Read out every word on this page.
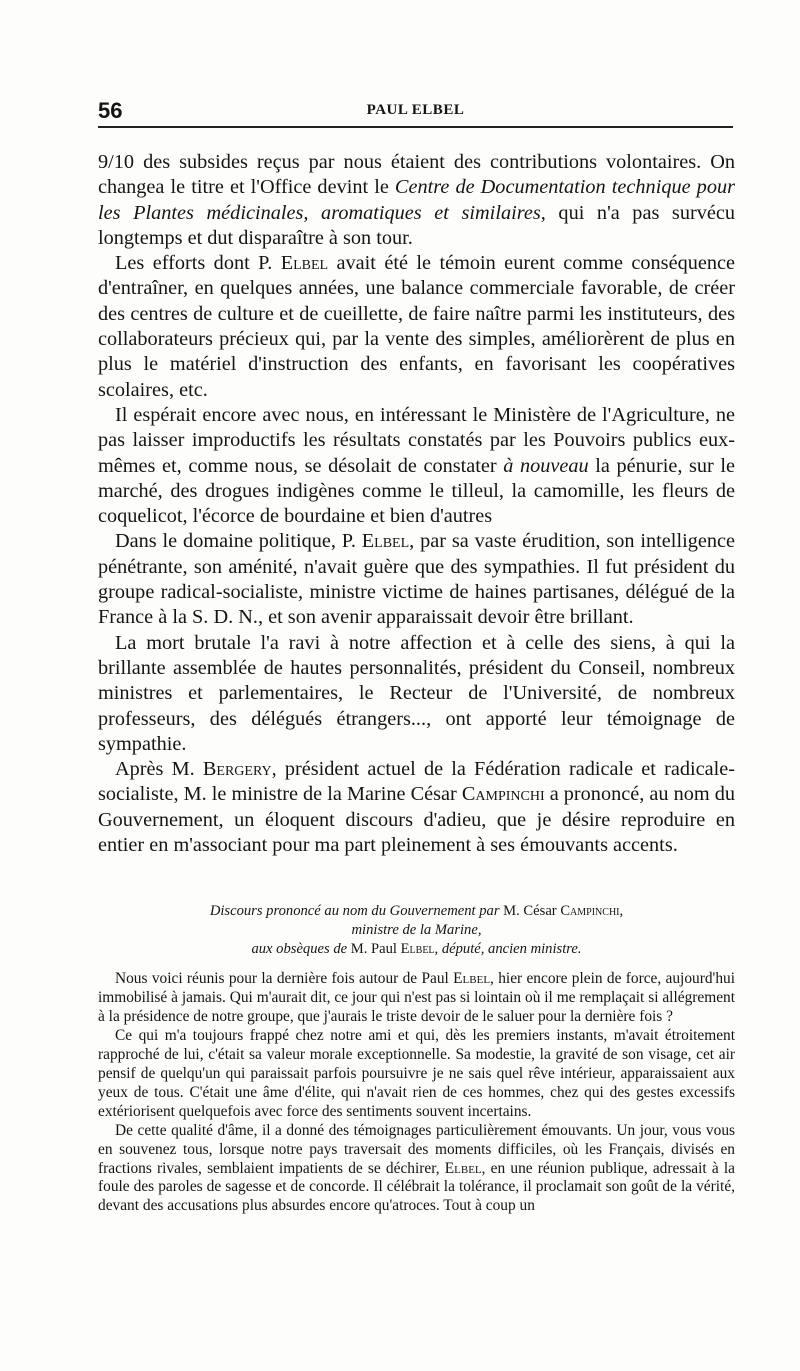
56	PAUL ELBEL

9/10 des subsides reçus par nous étaient des contributions volontaires. On changea le titre et l'Office devint le Centre de Documentation technique pour les Plantes médicinales, aromatiques et similaires, qui n'a pas survécu longtemps et dut disparaître à son tour.

Les efforts dont P. Elbel avait été le témoin eurent comme conséquence d'entraîner, en quelques années, une balance commerciale favorable, de créer des centres de culture et de cueillette, de faire naître parmi les instituteurs, des collaborateurs précieux qui, par la vente des simples, améliorèrent de plus en plus le matériel d'instruction des enfants, en favorisant les coopératives scolaires, etc.

Il espérait encore avec nous, en intéressant le Ministère de l'Agriculture, ne pas laisser improductifs les résultats constatés par les Pouvoirs publics eux-mêmes et, comme nous, se désolait de constater à nouveau la pénurie, sur le marché, des drogues indigènes comme le tilleul, la camomille, les fleurs de coquelicot, l'écorce de bourdaine et bien d'autres

Dans le domaine politique, P. Elbel, par sa vaste érudition, son intelligence pénétrante, son aménité, n'avait guère que des sympathies. Il fut président du groupe radical-socialiste, ministre victime de haines partisanes, délégué de la France à la S. D. N., et son avenir apparaissait devoir être brillant.

La mort brutale l'a ravi à notre affection et à celle des siens, à qui la brillante assemblée de hautes personnalités, président du Conseil, nombreux ministres et parlementaires, le Recteur de l'Université, de nombreux professeurs, des délégués étrangers..., ont apporté leur témoignage de sympathie.

Après M. Bergery, président actuel de la Fédération radicale et radicale-socialiste, M. le ministre de la Marine César Campinchi a prononcé, au nom du Gouvernement, un éloquent discours d'adieu, que je désire reproduire en entier en m'associant pour ma part pleinement à ses émouvants accents.

Discours prononcé au nom du Gouvernement par M. César Campinchi,
ministre de la Marine,
aux obsèques de M. Paul Elbel, député, ancien ministre.

Nous voici réunis pour la dernière fois autour de Paul Elbel, hier encore plein de force, aujourd'hui immobilisé à jamais. Qui m'aurait dit, ce jour qui n'est pas si lointain où il me remplaçait si allégrement à la présidence de notre groupe, que j'aurais le triste devoir de le saluer pour la dernière fois ?

Ce qui m'a toujours frappé chez notre ami et qui, dès les premiers instants, m'avait étroitement rapproché de lui, c'était sa valeur morale exceptionnelle. Sa modestie, la gravité de son visage, cet air pensif de quelqu'un qui paraissait parfois poursuivre je ne sais quel rêve intérieur, apparaissaient aux yeux de tous. C'était une âme d'élite, qui n'avait rien de ces hommes, chez qui des gestes excessifs extériorisent quelquefois avec force des sentiments souvent incertains.

De cette qualité d'âme, il a donné des témoignages particulièrement émouvants. Un jour, vous vous en souvenez tous, lorsque notre pays traversait des moments difficiles, où les Français, divisés en fractions rivales, semblaient impatients de se déchirer, Elbel, en une réunion publique, adressait à la foule des paroles de sagesse et de concorde. Il célébrait la tolérance, il proclamait son goût de la vérité, devant des accusations plus absurdes encore qu'atroces. Tout à coup un
